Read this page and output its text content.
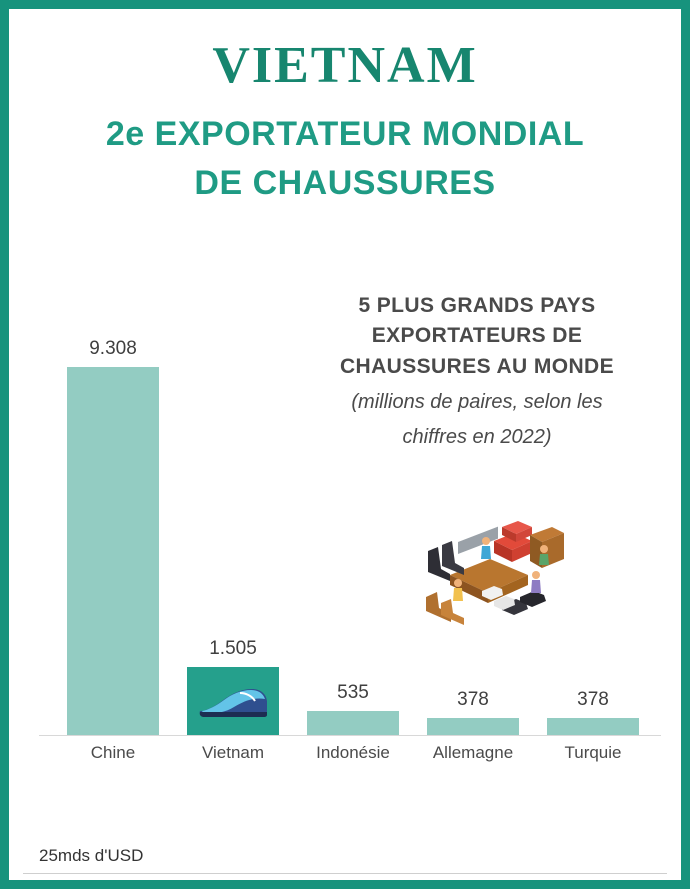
VIETNAM
2e EXPORTATEUR MONDIAL
DE CHAUSSURES
5 PLUS GRANDS PAYS
EXPORTATEURS DE
CHAUSSURES AU MONDE
(millions de paires, selon les
chiffres en 2022)
9.308
1.505
535	378	378
Chine	Vietnam	Indonésie	Allemagne	Turquie
25mds d'USD
